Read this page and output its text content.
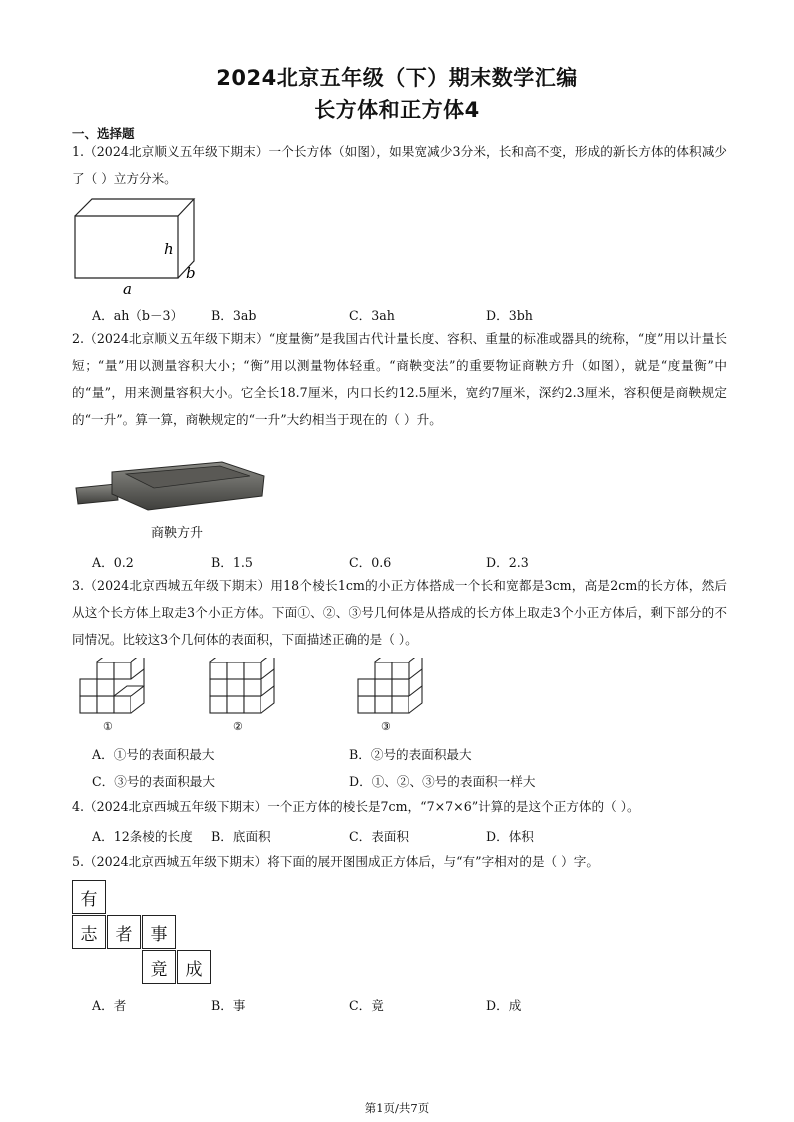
2024北京五年级（下）期末数学汇编
长方体和正方体4
一、选择题
1.（2024北京顺义五年级下期末）一个长方体（如图），如果宽减少3分米，长和高不变，形成的新长方体的体积减少了（ ）立方分米。
h
b
a
A．ah（b－3） B．3ab	C．3ah	D．3bh
2.（2024北京顺义五年级下期末）“度量衡”是我国古代计量长度、容积、重量的标准或器具的统称，“度”用以计量长短；“量”用以测量容积大小；“衡”用以测量物体轻重。“商鞅变法”的重要物证商鞅方升（如图），就是“度量衡”中的“量”，用来测量容积大小。它全长18.7厘米，内口长约12.5厘米，宽约7厘米，深约2.3厘米，容积便是商鞅规定的“一升”。算一算，商鞅规定的“一升”大约相当于现在的（ ）升。
商鞅方升
A．0.2	B．1.5	C．0.6	D．2.3
3.（2024北京西城五年级下期末）用18个棱长1cm的小正方体搭成一个长和宽都是3cm，高是2cm的长方体，然后从这个长方体上取走3个小正方体。下面①、②、③号几何体是从搭成的长方体上取走3个小正方体后，剩下部分的不同情况。比较这3个几何体的表面积，下面描述正确的是（ ）。
①	②	③
A．①号的表面积最大	B．②号的表面积最大
C．③号的表面积最大	D．①、②、③号的表面积一样大
4.（2024北京西城五年级下期末）一个正方体的棱长是7cm，“7×7×6”计算的是这个正方体的（ ）。
A．12条棱的长度 B．底面积	C．表面积	D．体积
5.（2024北京西城五年级下期末）将下面的展开图围成正方体后，与“有”字相对的是（ ）字。
有
志	者	事
竟	成
A．者	B．事	C．竟	D．成
第1页/共7页
